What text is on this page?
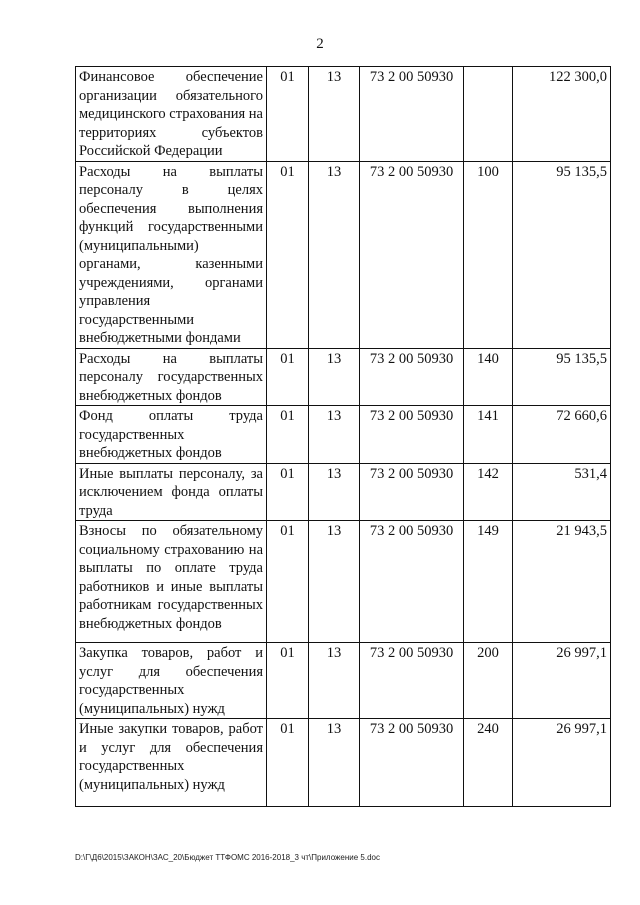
2
Финансовое обеспечение организации обязательного медицинского страхования на территориях субъектов Российской Федерации	01	13	73 2 00 50930		122 300,0
Расходы на выплаты персоналу в целях обеспечения выполнения функций государственными (муниципальными) органами, казенными учреждениями, органами управления государственными внебюджетными фондами	01	13	73 2 00 50930	100	95 135,5
Расходы на выплаты персоналу государственных внебюджетных фондов	01	13	73 2 00 50930	140	95 135,5
Фонд оплаты труда государственных внебюджетных фондов	01	13	73 2 00 50930	141	72 660,6
Иные выплаты персоналу, за исключением фонда оплаты труда	01	13	73 2 00 50930	142	531,4
Взносы по обязательному социальному страхованию на выплаты по оплате труда работников и иные выплаты работникам государственных внебюджетных фондов	01	13	73 2 00 50930	149	21 943,5
Закупка товаров, работ и услуг для обеспечения государственных (муниципальных) нужд	01	13	73 2 00 50930	200	26 997,1
Иные закупки товаров, работ и услуг для обеспечения государственных (муниципальных) нужд	01	13	73 2 00 50930	240	26 997,1
D:\Г\Д6\2015\ЗАКОН\ЗАС_20\Бюджет ТТФОМС 2016-2018_3 чт\Приложение 5.doc
